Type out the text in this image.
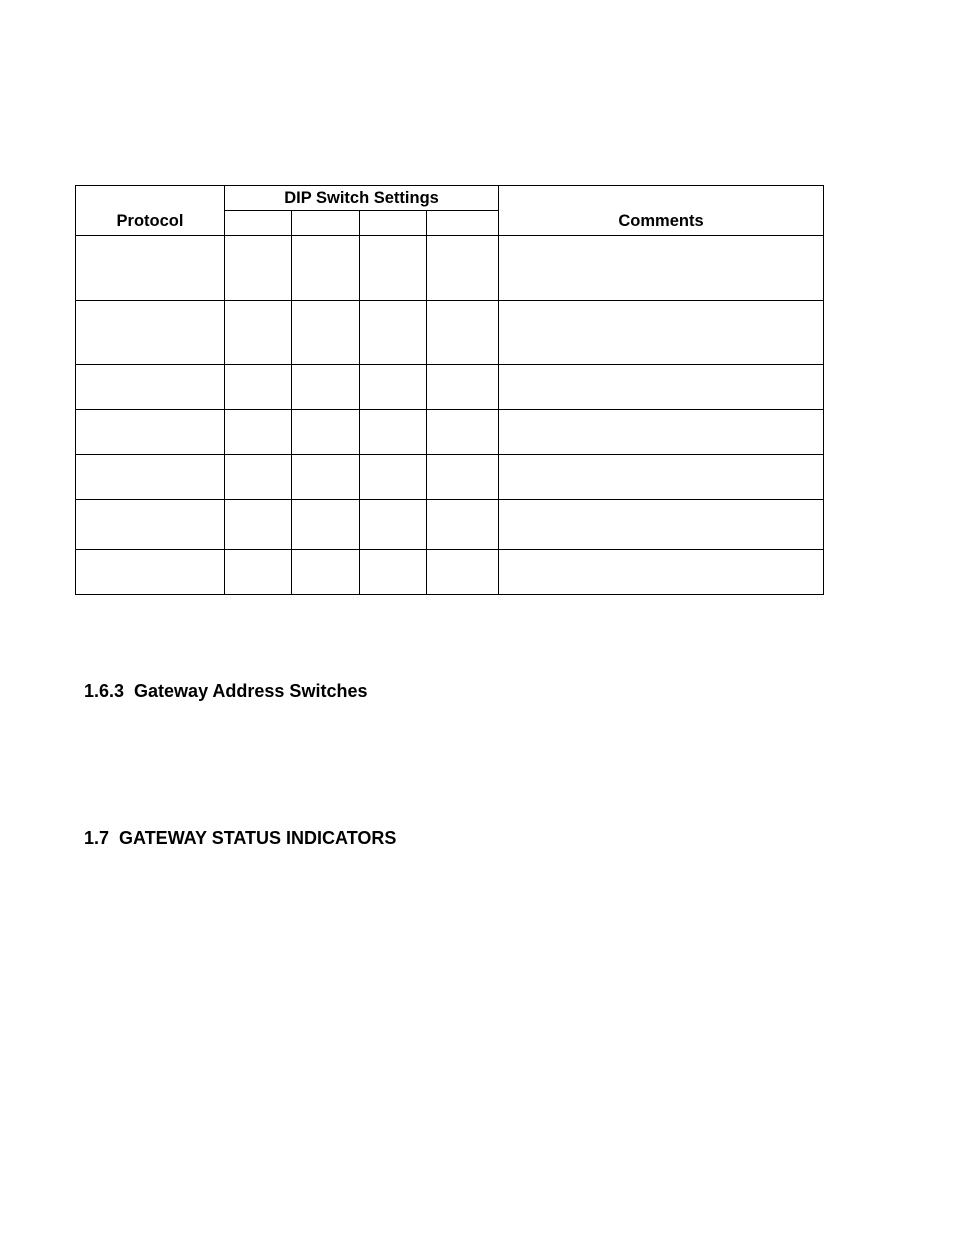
Protocol	DIP Switch Settings				Comments

1.6.3  Gateway Address Switches
1.7  GATEWAY STATUS INDICATORS
